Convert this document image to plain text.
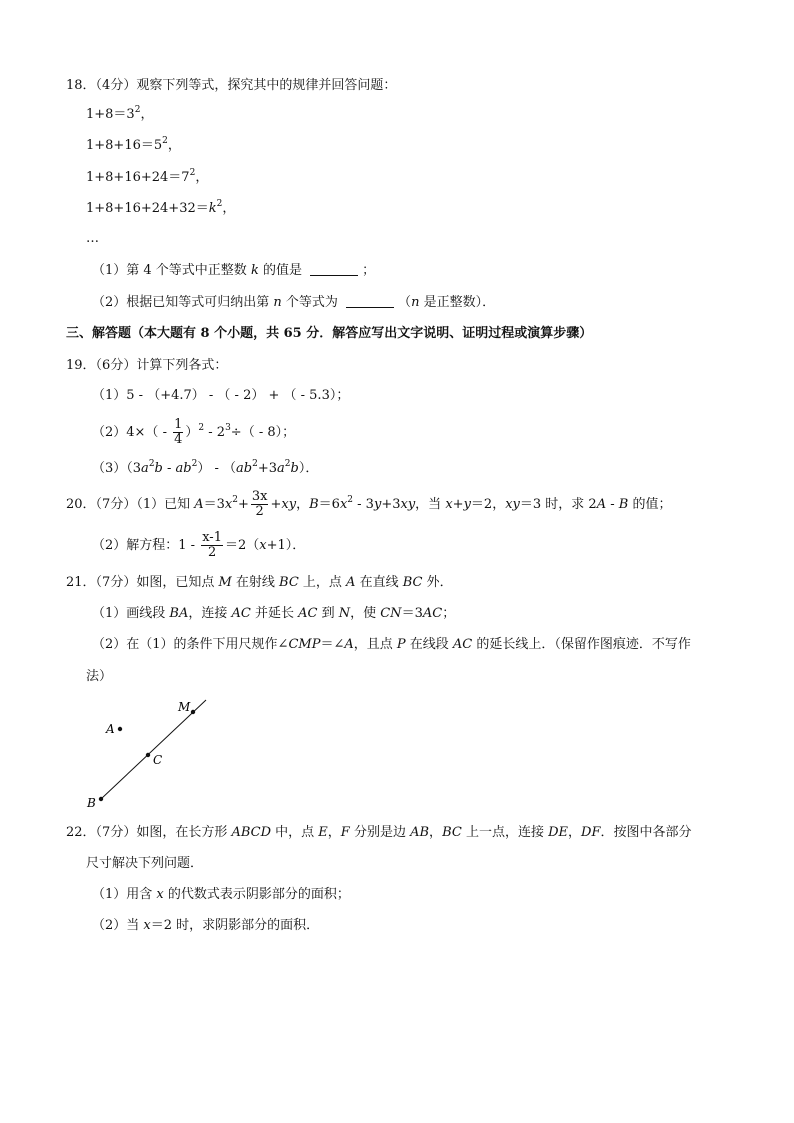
18．（4分）观察下列等式，探究其中的规律并回答问题：
$1+8=3^2$，
$1+8+16=5^2$，
$1+8+16+24=7^2$，
$1+8+16+24+32=k^2$，
…
（1）第 4 个等式中正整数 k 的值是	；
（2）根据已知等式可归纳出第 n 个等式为	（n 是正整数）．
三、解答题（本大题有 8 个小题，共 65 分．解答应写出文字说明、证明过程或演算步骤）
19．（6分）计算下列各式：
（1）5 - （+4.7） - （ - 2） + （ - 5.3）；
$(2)4\times( - \frac{1}{4} )^2 - 2^3\div( - 8)$；
$(3)(3a^2b - ab^2) - (ab^2+3a^2b)$．
20．（7分）（1）已知 $A=3x^2+ \frac{3x}{2} +xy$，$B=6x^2 - 3y+3xy$，当 x+y＝2，xy＝3 时，求 2A - B 的值；
（2）解方程：$1 - \frac{x-1}{2} =2(x+1)$．
21．（7分）如图，已知点 M 在射线 BC 上，点 A 在直线 BC 外．
（1）画线段 BA，连接 AC 并延长 AC 到 N，使 CN＝3AC；
（2）在（1）的条件下用尺规作∠CMP＝∠A，且点 P 在线段 AC 的延长线上．（保留作图痕迹．不写作
法）
M
A
C
B
22．（7分）如图，在长方形 ABCD 中，点 E，F 分别是边 AB，BC 上一点，连接 DE，DF．按图中各部分
尺寸解决下列问题．
（1）用含 x 的代数式表示阴影部分的面积；
（2）当 x＝2 时，求阴影部分的面积．
